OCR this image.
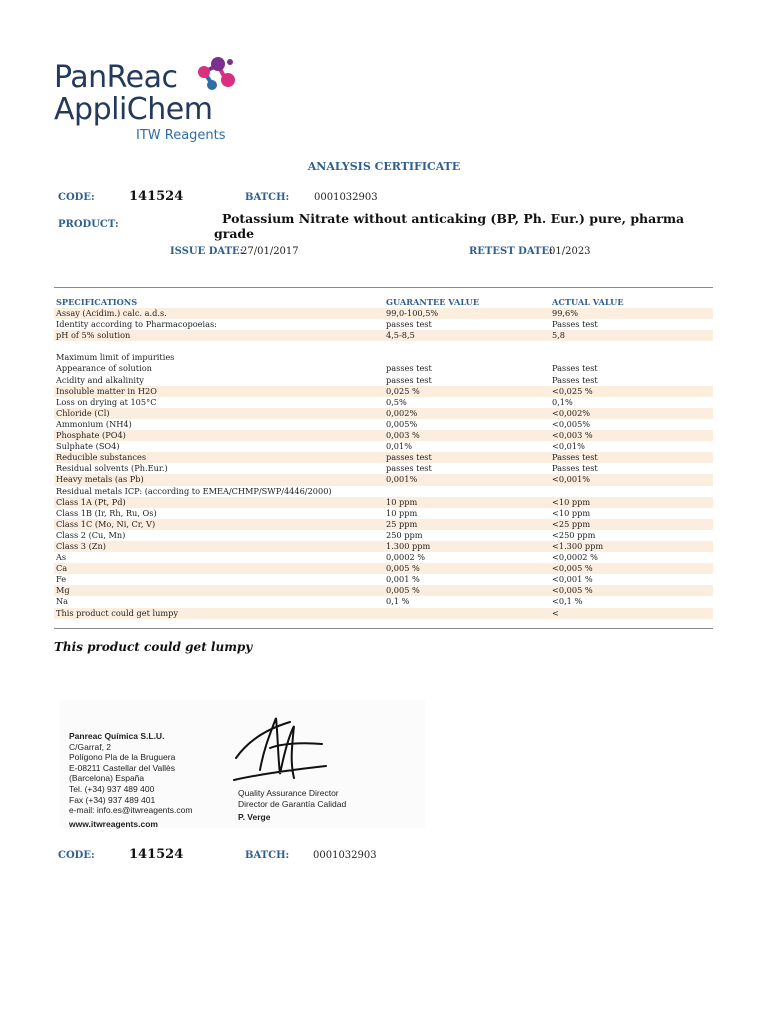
PanReac
AppliChem
ITW Reagents
ANALYSIS CERTIFICATE
CODE:	141524	BATCH: 0001032903
PRODUCT:	Potassium Nitrate without anticaking (BP, Ph. Eur.) pure, pharma
grade
ISSUE DATE:
27/01/2017	RETEST DATE:
01/2023
SPECIFICATIONS	GUARANTEE VALUE	ACTUAL VALUE
Assay (Acidim.) calc. a.d.s.	99,0-100,5%	99,6%
Identity according to Pharmacopoeias:	passes test	Passes test
pH of 5% solution	4,5-8,5	5,8

Maximum limit of impurities		
Appearance of solution	passes test	Passes test
Acidity and alkalinity	passes test	Passes test
Insoluble matter in H2O	0,025 %	<0,025 %
Loss on drying at 105°C	0,5%	0,1%
Chloride (Cl)	0,002%	<0,002%
Ammonium (NH4)	0,005%	<0,005%
Phosphate (PO4)	0,003 %	<0,003 %
Sulphate (SO4)	0,01%	<0,01%
Reducible substances	passes test	Passes test
Residual solvents (Ph.Eur.)	passes test	Passes test
Heavy metals (as Pb)	0,001%	<0,001%
Residual metals ICP: (according to EMEA/CHMP/SWP/4446/2000)		
Class 1A (Pt, Pd)	10 ppm	<10 ppm
Class 1B (Ir, Rh, Ru, Os)	10 ppm	<10 ppm
Class 1C (Mo, Ni, Cr, V)	25 ppm	<25 ppm
Class 2 (Cu, Mn)	250 ppm	<250 ppm
Class 3 (Zn)	1.300 ppm	<1.300 ppm
As	0,0002 %	<0,0002 %
Ca	0,005 %	<0,005 %
Fe	0,001 %	<0,001 %
Mg	0,005 %	<0,005 %
Na	0,1 %	<0,1 %
This product could get lumpy		<
This product could get lumpy
Panreac Química S.L.U.
C/Garraf, 2
Polígono Pla de la Bruguera
E-08211 Castellar del Vallès
(Barcelona) España
Tel. (+34) 937 489 400
Fax (+34) 937 489 401
e-mail: info.es@itwreagents.com
www.itwreagents.com
Quality Assurance Director
Director de Garantía Calidad
P. Verge
CODE:	141524	BATCH: 0001032903
